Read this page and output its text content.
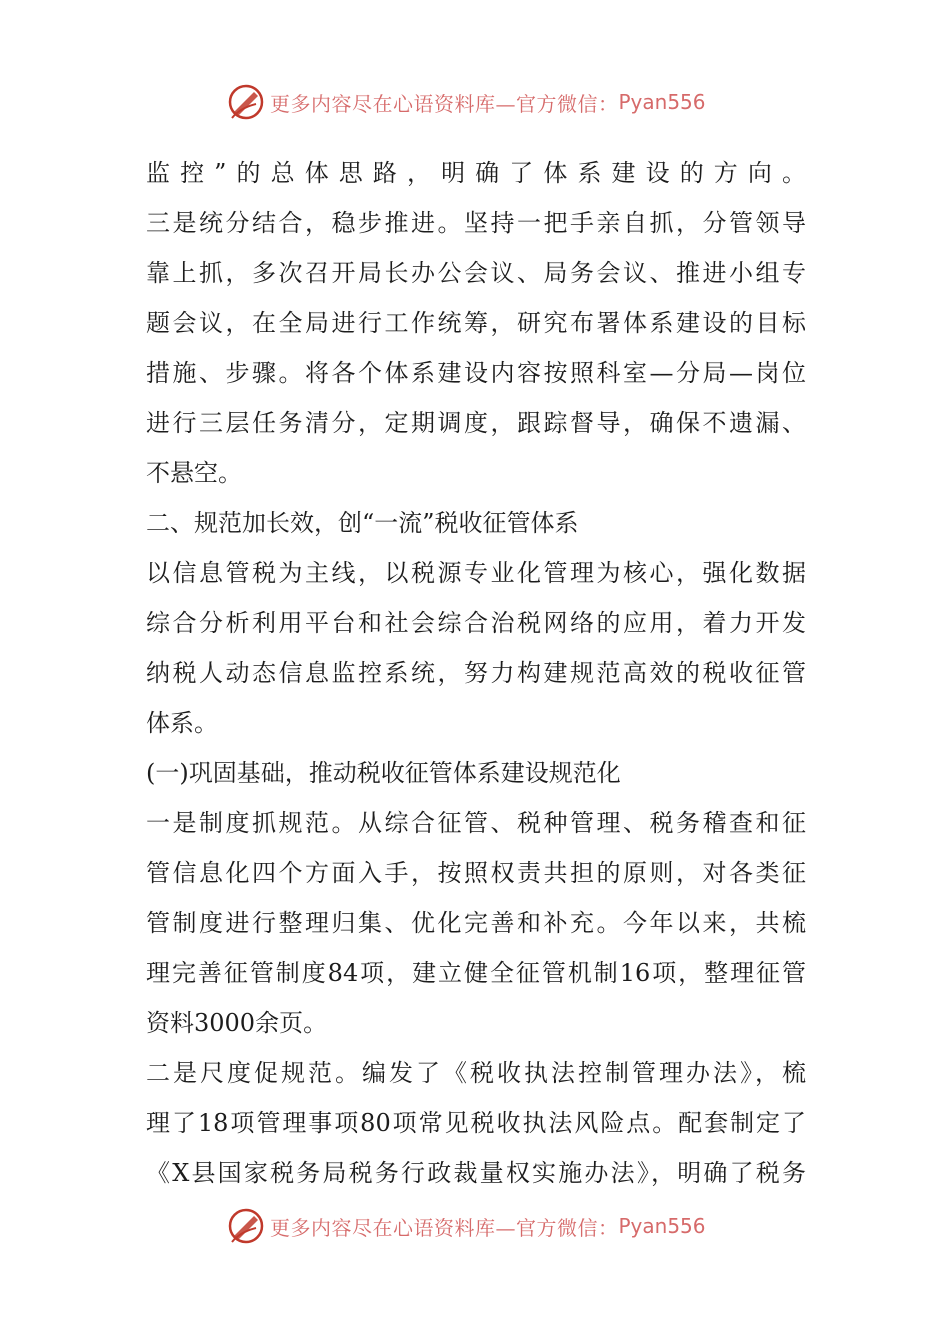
更多内容尽在心语资料库—官方微信： Pyan556
监控”的总体思路，明确了体系建设的方向。
三是统分结合，稳步推进。坚持一把手亲自抓，分管领导
靠上抓，多次召开局长办公会议、局务会议、推进小组专
题会议，在全局进行工作统筹，研究布署体系建设的目标
措施、步骤。将各个体系建设内容按照科室—分局—岗位
进行三层任务清分，定期调度，跟踪督导，确保不遗漏、
不悬空。
二、规范加长效，创“一流”税收征管体系
以信息管税为主线，以税源专业化管理为核心，强化数据
综合分析利用平台和社会综合治税网络的应用，着力开发
纳税人动态信息监控系统，努力构建规范高效的税收征管
体系。
(一)巩固基础，推动税收征管体系建设规范化
一是制度抓规范。从综合征管、税种管理、税务稽查和征
管信息化四个方面入手，按照权责共担的原则，对各类征
管制度进行整理归集、优化完善和补充。今年以来，共梳
理完善征管制度84项，建立健全征管机制16项，整理征管
资料3000余页。
二是尺度促规范。编发了《税收执法控制管理办法》，梳
理了18项管理事项80项常见税收执法风险点。配套制定了
《X县国家税务局税务行政裁量权实施办法》，明确了税务
更多内容尽在心语资料库—官方微信： Pyan556
